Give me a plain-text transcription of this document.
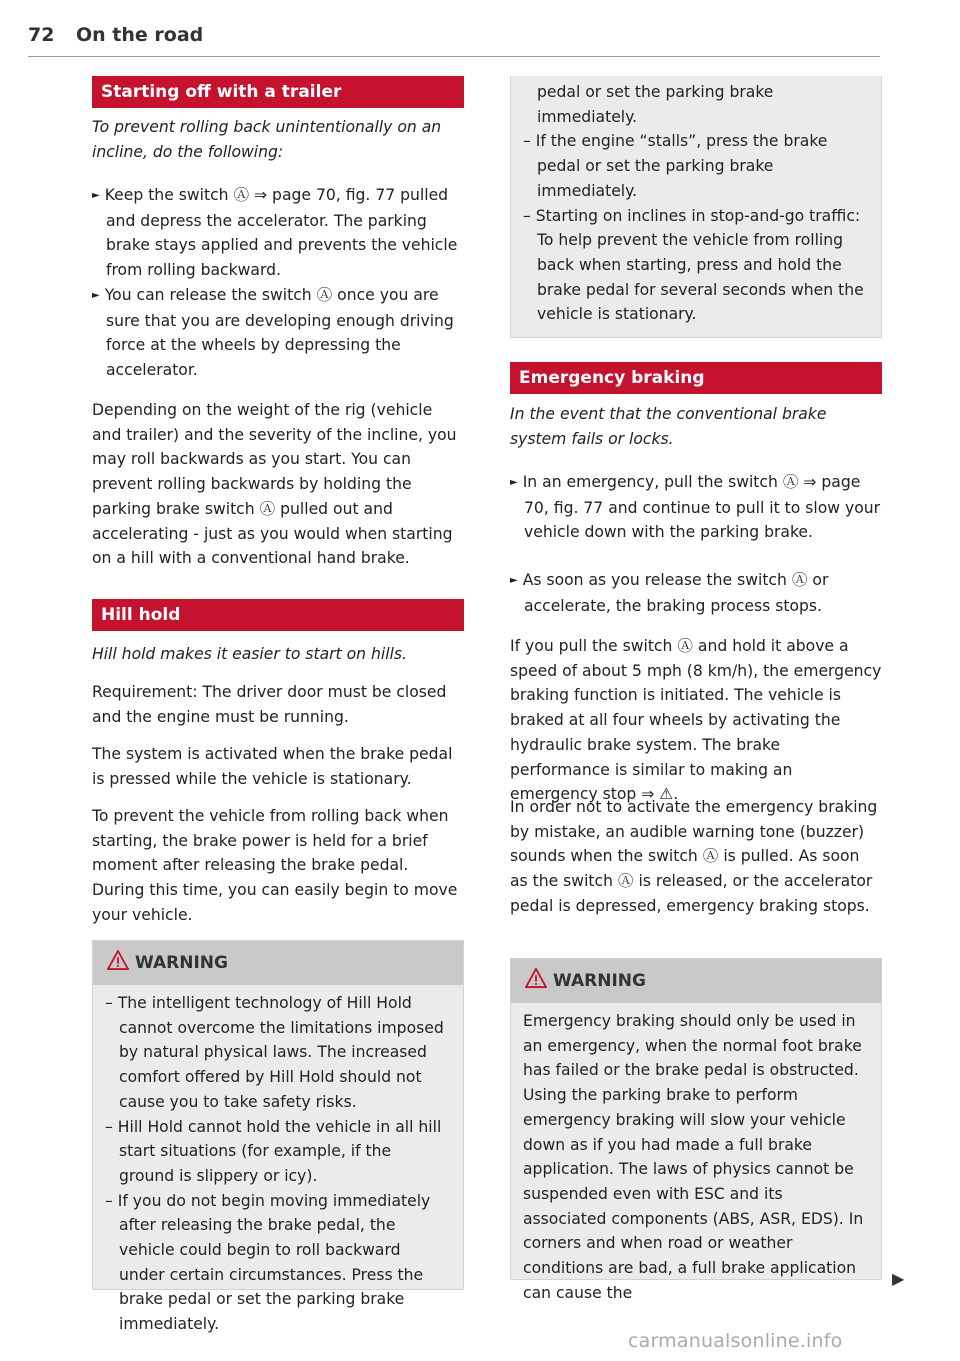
72 On the road
Starting off with a trailer

To prevent rolling back unintentionally on an incline, do the following:

► Keep the switch Ⓐ ⇒ page 70, fig. 77 pulled and depress the accelerator. The parking brake stays applied and prevents the vehicle from rolling backward.

► You can release the switch Ⓐ once you are sure that you are developing enough driving force at the wheels by depressing the accelerator.

Depending on the weight of the rig (vehicle and trailer) and the severity of the incline, you may roll backwards as you start. You can prevent rolling backwards by holding the parking brake switch Ⓐ pulled out and accelerating - just as you would when starting on a hill with a conventional hand brake.

Hill hold

Hill hold makes it easier to start on hills.

Requirement: The driver door must be closed and the engine must be running.

The system is activated when the brake pedal is pressed while the vehicle is stationary.

To prevent the vehicle from rolling back when starting, the brake power is held for a brief moment after releasing the brake pedal. During this time, you can easily begin to move your vehicle.

WARNING

– The intelligent technology of Hill Hold cannot overcome the limitations imposed by natural physical laws. The increased comfort offered by Hill Hold should not cause you to take safety risks.

– Hill Hold cannot hold the vehicle in all hill start situations (for example, if the ground is slippery or icy).

– If you do not begin moving immediately after releasing the brake pedal, the vehicle could begin to roll backward under certain circumstances. Press the brake pedal or set the parking brake immediately.

pedal or set the parking brake immediately.

– If the engine “stalls”, press the brake pedal or set the parking brake immediately.

– Starting on inclines in stop-and-go traffic: To help prevent the vehicle from rolling back when starting, press and hold the brake pedal for several seconds when the vehicle is stationary.

Emergency braking

In the event that the conventional brake system fails or locks.

► In an emergency, pull the switch Ⓐ ⇒ page 70, fig. 77 and continue to pull it to slow your vehicle down with the parking brake.

► As soon as you release the switch Ⓐ or accelerate, the braking process stops.

If you pull the switch Ⓐ and hold it above a speed of about 5 mph (8 km/h), the emergency braking function is initiated. The vehicle is braked at all four wheels by activating the hydraulic brake system. The brake performance is similar to making an emergency stop ⇒ ⚠.

In order not to activate the emergency braking by mistake, an audible warning tone (buzzer) sounds when the switch Ⓐ is pulled. As soon as the switch Ⓐ is released, or the accelerator pedal is depressed, emergency braking stops.

WARNING

Emergency braking should only be used in an emergency, when the normal foot brake has failed or the brake pedal is obstructed. Using the parking brake to perform emergency braking will slow your vehicle down as if you had made a full brake application. The laws of physics cannot be suspended even with ESC and its associated components (ABS, ASR, EDS). In corners and when road or weather conditions are bad, a full brake application can cause the

▶
carmanualsonline.info
